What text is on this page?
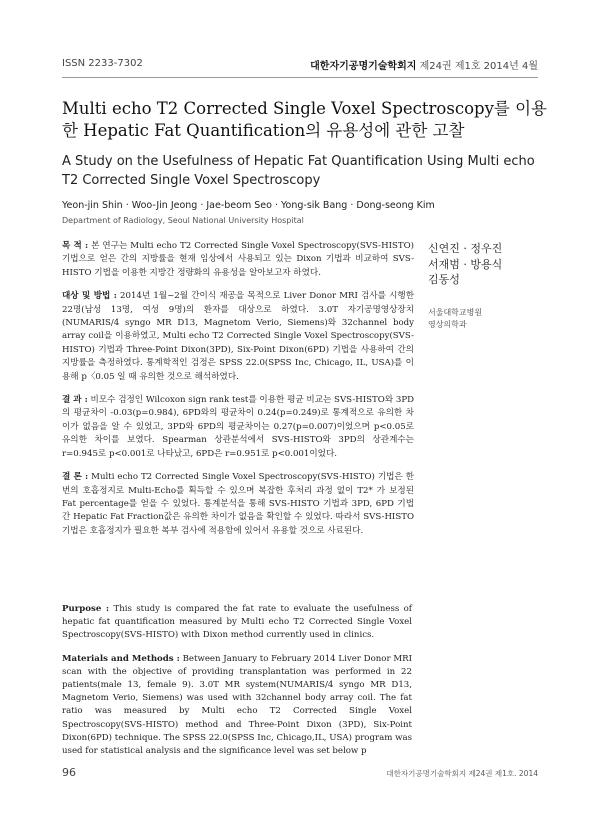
ISSN 2233-7302	대한자기공명기술학회지 제24권 제1호 2014년 4월
Multi echo T2 Corrected Single Voxel Spectroscopy를 이용한 Hepatic Fat Quantification의 유용성에 관한 고찰
A Study on the Usefulness of Hepatic Fat Quantification Using Multi echo T2 Corrected Single Voxel Spectroscopy
Yeon-jin Shin · Woo-Jin Jeong · Jae-beom Seo · Yong-sik Bang · Dong-seong Kim
Department of Radiology, Seoul National University Hospital

목 적 : 본 연구는 Multi echo T2 Corrected Single Voxel Spectroscopy(SVS-HISTO) 기법으로 얻은 간의 지방률을 현재 임상에서 사용되고 있는 Dixon 기법과 비교하여 SVS-HISTO 기법을 이용한 지방간 정량화의 유용성을 알아보고자 하였다.

대상 및 방법 : 2014년 1월~2월 간이식 재공을 목적으로 Liver Donor MRI 검사를 시행한 22명(남성 13명, 여성 9명)의 환자를 대상으로 하였다. 3.0T 자기공명영상장치(NUMARIS/4 syngo MR D13, Magnetom Verio, Siemens)와 32channel body array coil을 이용하였고, Multi echo T2 Corrected Single Voxel Spectroscopy(SVS-HISTO) 기법과 Three-Point Dixon(3PD), Six-Point Dixon(6PD) 기법을 사용하여 간의 지방률을 측정하였다. 통계학적인 검정은 SPSS 22.0(SPSS Inc, Chicago, IL, USA)를 이용해 p〈0.05 일 때 유의한 것으로 해석하였다.

결 과 : 비모수 검정인 Wilcoxon sign rank test를 이용한 평균 비교는 SVS-HISTO와 3PD의 평균차이 -0.03(p=0.984), 6PD와의 평균차이 0.24(p=0.249)로 통계적으로 유의한 차이가 없음을 알 수 있었고, 3PD와 6PD의 평균차이는 0.27(p=0.007)이었으며 p<0.05로 유의한 차이를 보였다. Spearman 상관분석에서 SVS-HISTO와 3PD의 상관계수는 r=0.945로 p<0.001로 나타났고, 6PD은 r=0.951로 p<0.001이었다.

결 론 : Multi echo T2 Corrected Single Voxel Spectroscopy(SVS-HISTO) 기법은 한 번의 호흡정지로 Multi-Echo를 획득할 수 있으며 복잡한 후처리 과정 없이 T2* 가 보정된 Fat percentage를 얻을 수 있었다. 통계분석을 통해 SVS-HISTO 기법과 3PD, 6PD 기법 간 Hepatic Fat Fraction값은 유의한 차이가 없음을 확인할 수 있었다. 따라서 SVS-HISTO 기법은 호흡정지가 필요한 복부 검사에 적용함에 있어서 유용할 것으로 사료된다.

신연진 · 정우진
서재범 · 방용식
김동성
서울대학교병원
영상의학과

Purpose : This study is compared the fat rate to evaluate the usefulness of hepatic fat quantification measured by Multi echo T2 Corrected Single Voxel Spectroscopy(SVS-HISTO) with Dixon method currently used in clinics.

Materials and Methods : Between January to February 2014 Liver Donor MRI scan with the objective of providing transplantation was performed in 22 patients(male 13, female 9). 3.0T MR system(NUMARIS/4 syngo MR D13, Magnetom Verio, Siemens) was used with 32channel body array coil. The fat ratio was measured by Multi echo T2 Corrected Single Voxel Spectroscopy(SVS-HISTO) method and Three-Point Dixon (3PD), Six-Point Dixon(6PD) technique. The SPSS 22.0(SPSS Inc, Chicago,IL, USA) program was used for statistical analysis and the significance level was set below p

96	대한자기공명기술학회지 제24권 제1호. 2014
